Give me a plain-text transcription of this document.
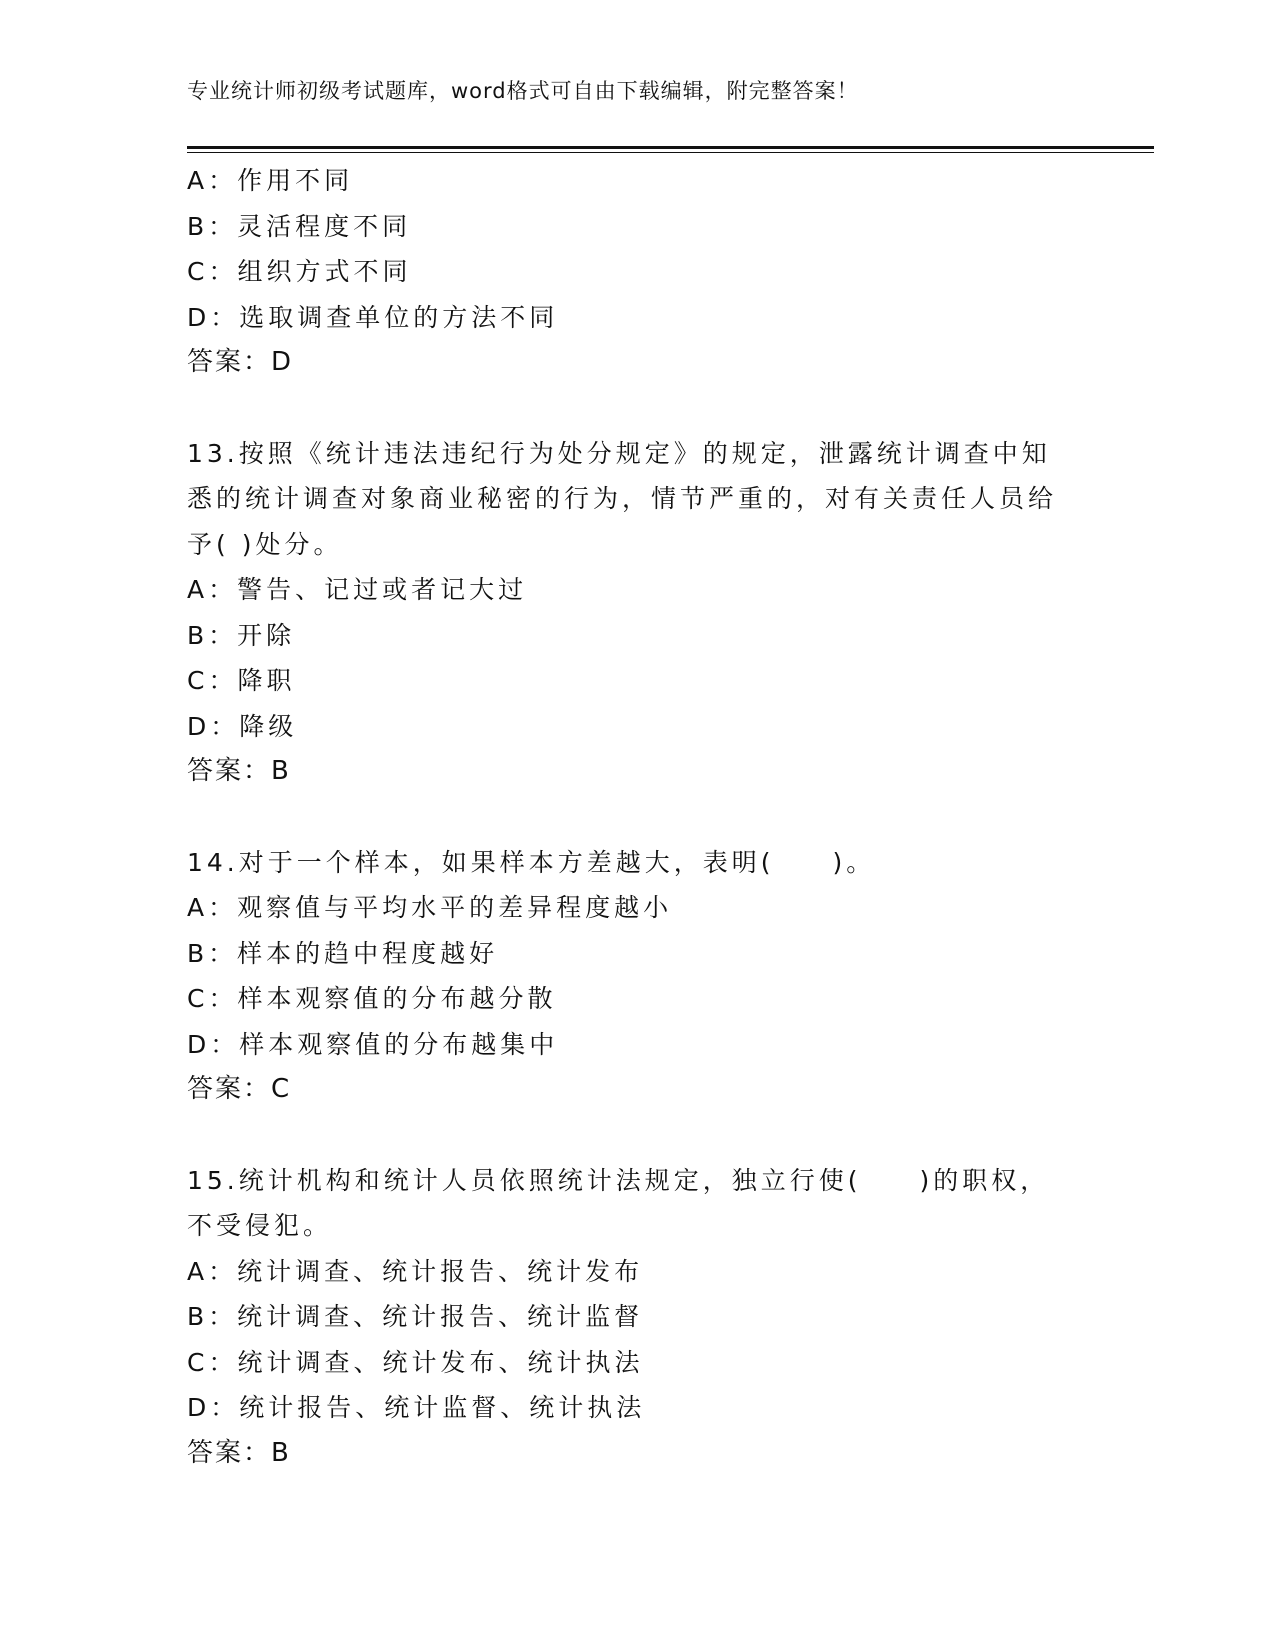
专业统计师初级考试题库，word格式可自由下载编辑，附完整答案！
A：作用不同
B：灵活程度不同
C：组织方式不同
D：选取调查单位的方法不同
答案：D
13.按照《统计违法违纪行为处分规定》的规定，泄露统计调查中知悉的统计调查对象商业秘密的行为，情节严重的，对有关责任人员给予( )处分。
A：警告、记过或者记大过
B：开除
C：降职
D：降级
答案：B
14.对于一个样本，如果样本方差越大，表明(　　)。
A：观察值与平均水平的差异程度越小
B：样本的趋中程度越好
C：样本观察值的分布越分散
D：样本观察值的分布越集中
答案：C
15.统计机构和统计人员依照统计法规定，独立行使(　　)的职权，不受侵犯。
A：统计调查、统计报告、统计发布
B：统计调查、统计报告、统计监督
C：统计调查、统计发布、统计执法
D：统计报告、统计监督、统计执法
答案：B
